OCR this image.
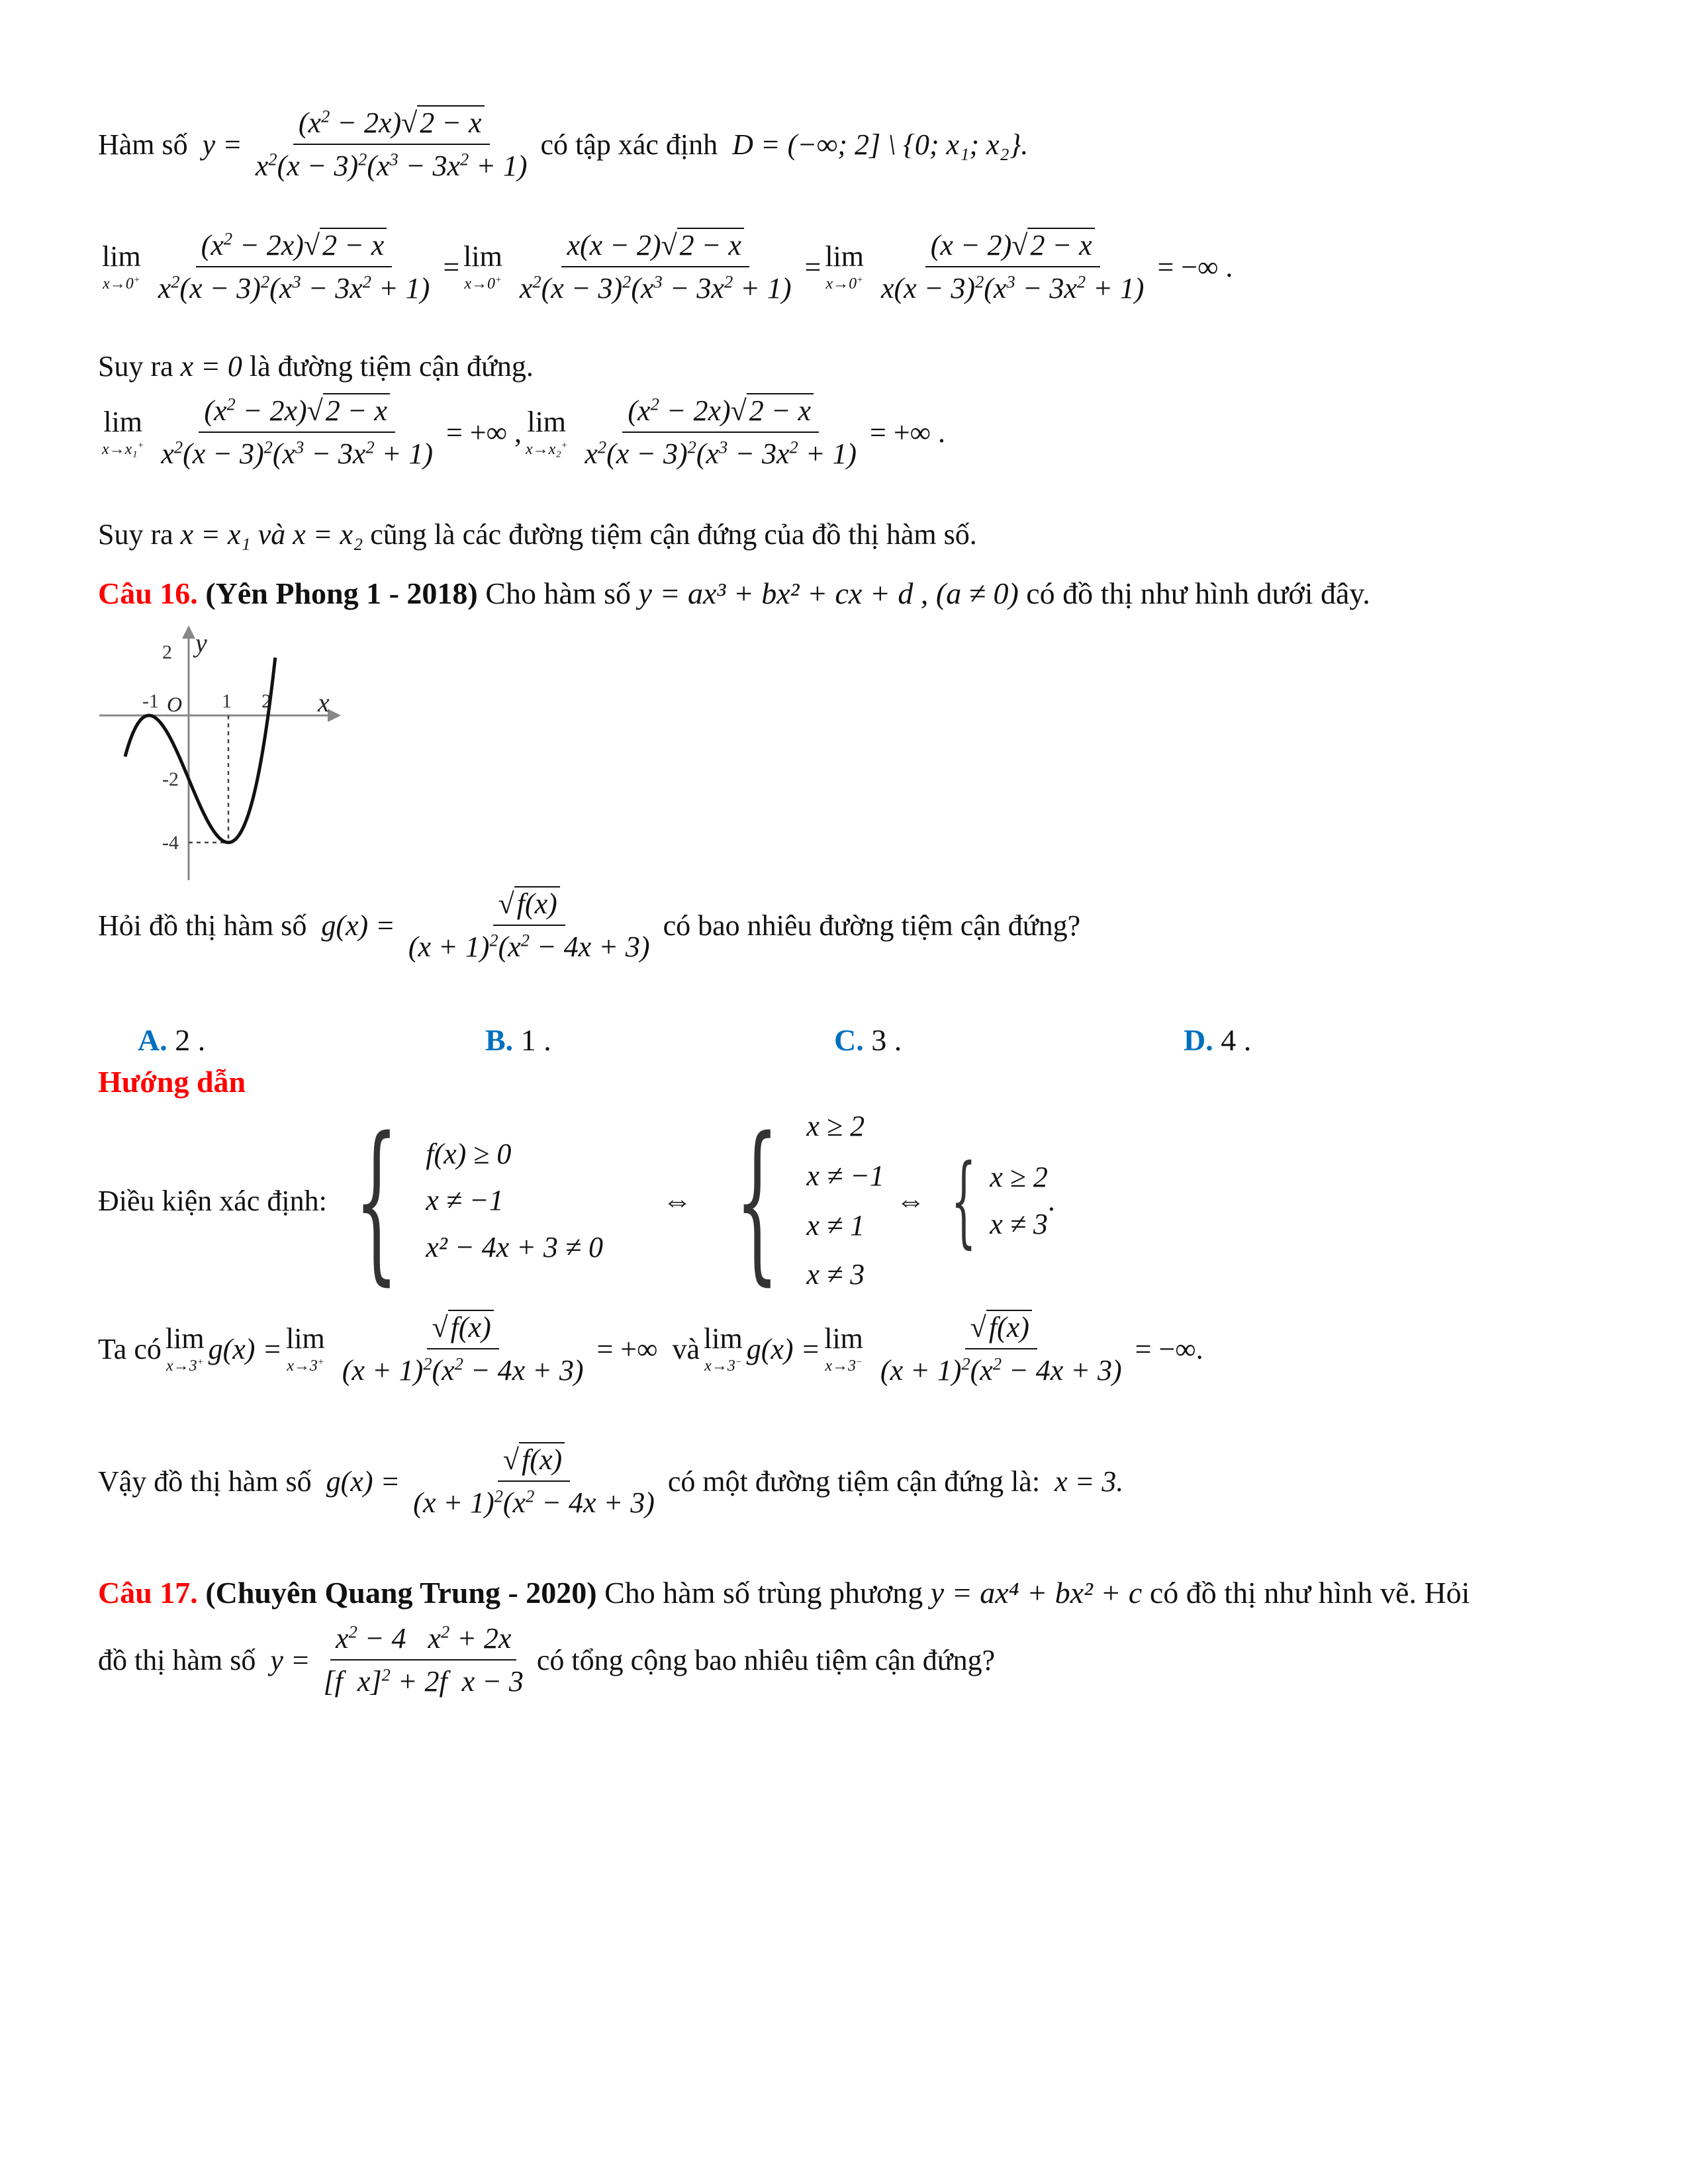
Hàm số $y = \frac{(x^2 - 2x)√2 - x}{x^2(x - 3)^2(x^3 - 3x^2 + 1)}$ có tập xác định D = (−∞; 2] \ {0; x₁; x₂}.
lim
$x\to 0^+ \frac{(x^2 - 2x)√2 - x}{x^2(x - 3)^2(x^3 - 3x^2 + 1)} = \lim$
$x\to 0^+ \frac{x(x - 2)√2 - x}{x^2(x - 3)^2(x^3 - 3x^2 + 1)} = \lim$
$x\to 0^+ \frac{(x - 2)√2 - x}{x(x - 3)^2(x^3 - 3x^2 + 1)}$ = −∞ .
Suy ra x = 0 là đường tiệm cận đứng.
lim
$x\to x_1^+ \frac{(x^2 - 2x)√2 - x}{x^2(x - 3)^2(x^3 - 3x^2 + 1)}$ = +∞ , lim
$x\to x_2^+ \frac{(x^2 - 2x)√2 - x}{x^2(x - 3)^2(x^3 - 3x^2 + 1)}$ = +∞ .
Suy ra x = x₁ và x = x₂ cũng là các đường tiệm cận đứng của đồ thị hàm số.
Câu 16. (Yên Phong 1 - 2018) Cho hàm số y = ax³ + bx² + cx + d , (a ≠ 0) có đồ thị như hình dưới đây.
x
y
O
-1	1 2
2
-2
-4
Hỏi đồ thị hàm số $g(x) = \frac{√f(x)}{(x + 1)^2(x^2 - 4x + 3)}$ có bao nhiêu đường tiệm cận đứng?
A. 2 .	B. 1 .	C. 3 .	D. 4 .
Hướng dẫn
Điều kiện xác định: { f(x) ≥ 0
x ≠ −1
x² − 4x + 3 ≠ 0
⇔ { x ≥ 2
x ≠ −1
x ≠ 1
x ≠ 3
⇔ { x ≥ 2
x ≠ 3
.
Ta có lim
x→3+ g(x) = lim
$x\to 3^+ \frac{√f(x)}{(x + 1)^2(x^2 - 4x + 3)}$ = +∞ và lim
x→3− g(x) = lim
$x\to 3^- \frac{√f(x)}{(x + 1)^2(x^2 - 4x + 3)}$ = −∞.
Vậy đồ thị hàm số $g(x) = \frac{√f(x)}{(x + 1)^2(x^2 - 4x + 3)}$ có một đường tiệm cận đứng là: x = 3.
Câu 17. (Chuyên Quang Trung - 2020) Cho hàm số trùng phương y = ax⁴ + bx² + c có đồ thị như hình vẽ. Hỏi
đồ thị hàm số $y = \frac{x^2 - 4 x^2 + 2x}{[f x]^2 + 2f x - 3}$ có tổng cộng bao nhiêu tiệm cận đứng?
